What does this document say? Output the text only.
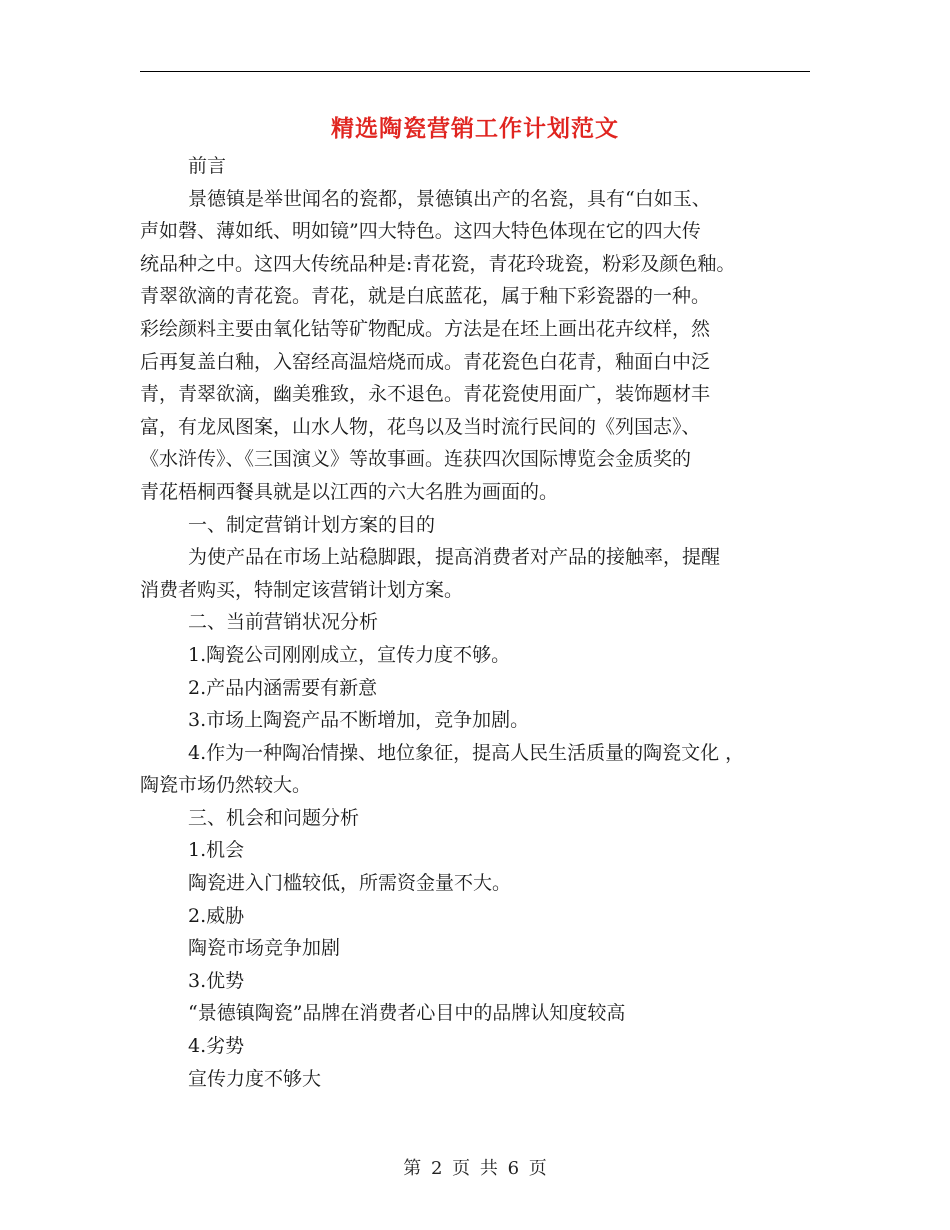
精选陶瓷营销工作计划范文
前言
景德镇是举世闻名的瓷都，景德镇出产的名瓷，具有“白如玉、
声如磬、薄如纸、明如镜”四大特色。这四大特色体现在它的四大传
统品种之中。这四大传统品种是:青花瓷，青花玲珑瓷，粉彩及颜色釉。
青翠欲滴的青花瓷。青花，就是白底蓝花，属于釉下彩瓷器的一种。
彩绘颜料主要由氧化钴等矿物配成。方法是在坯上画出花卉纹样，然
后再复盖白釉，入窑经高温焙烧而成。青花瓷色白花青，釉面白中泛
青，青翠欲滴，幽美雅致，永不退色。青花瓷使用面广，装饰题材丰
富，有龙凤图案，山水人物，花鸟以及当时流行民间的《列国志》、
《水浒传》、《三国演义》等故事画。连获四次国际博览会金质奖的
青花梧桐西餐具就是以江西的六大名胜为画面的。
一、制定营销计划方案的目的
为使产品在市场上站稳脚跟，提高消费者对产品的接触率，提醒
消费者购买，特制定该营销计划方案。
二、当前营销状况分析
1.陶瓷公司刚刚成立，宣传力度不够。
2.产品内涵需要有新意
3.市场上陶瓷产品不断增加，竞争加剧。
4.作为一种陶冶情操、地位象征，提高人民生活质量的陶瓷文化 ，
陶瓷市场仍然较大。
三、机会和问题分析
1.机会
陶瓷进入门槛较低，所需资金量不大。
2.威胁
陶瓷市场竞争加剧
3.优势
“景德镇陶瓷”品牌在消费者心目中的品牌认知度较高
4.劣势
宣传力度不够大
第 2 页 共 6 页
